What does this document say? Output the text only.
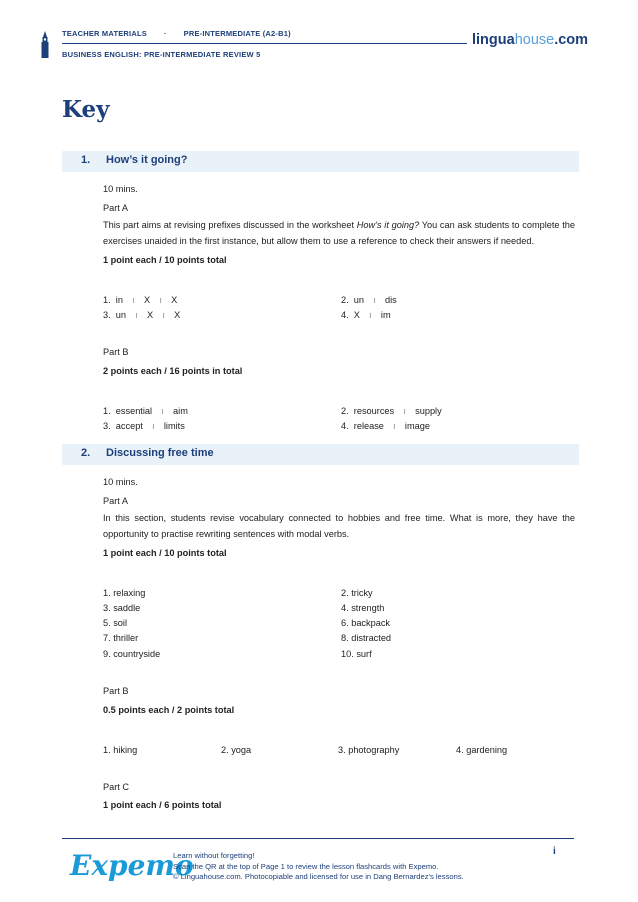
TEACHER MATERIALS · PRE-INTERMEDIATE (A2-B1)
BUSINESS ENGLISH: PRE-INTERMEDIATE REVIEW 5
linguahouse.com
Key
1. How’s it going?
10 mins.
Part A
This part aims at revising prefixes discussed in the worksheet How’s it going? You can ask students to complete the exercises unaided in the first instance, but allow them to use a reference to check their answers if needed.
1 point each / 10 points total
1. in ≀ X ≀ X	2. un ≀ dis
3. un ≀ X ≀ X	4. X ≀ im
Part B
2 points each / 16 points in total
1. essential ≀ aim	2. resources ≀ supply
3. accept ≀ limits	4. release ≀ image
2. Discussing free time
10 mins.
Part A
In this section, students revise vocabulary connected to hobbies and free time. What is more, they have the opportunity to practise rewriting sentences with modal verbs.
1 point each / 10 points total
1. relaxing	2. tricky
3. saddle	4. strength
5. soil	6. backpack
7. thriller	8. distracted
9. countryside	10. surf
Part B
0.5 points each / 2 points total
1. hiking	2. yoga	3. photography	4. gardening
Part C
1 point each / 6 points total
Expemo
Learn without forgetting!
Scan the QR at the top of Page 1 to review the lesson flashcards with Expemo.
© Linguahouse.com. Photocopiable and licensed for use in Dang Bernardez's lessons.
i
